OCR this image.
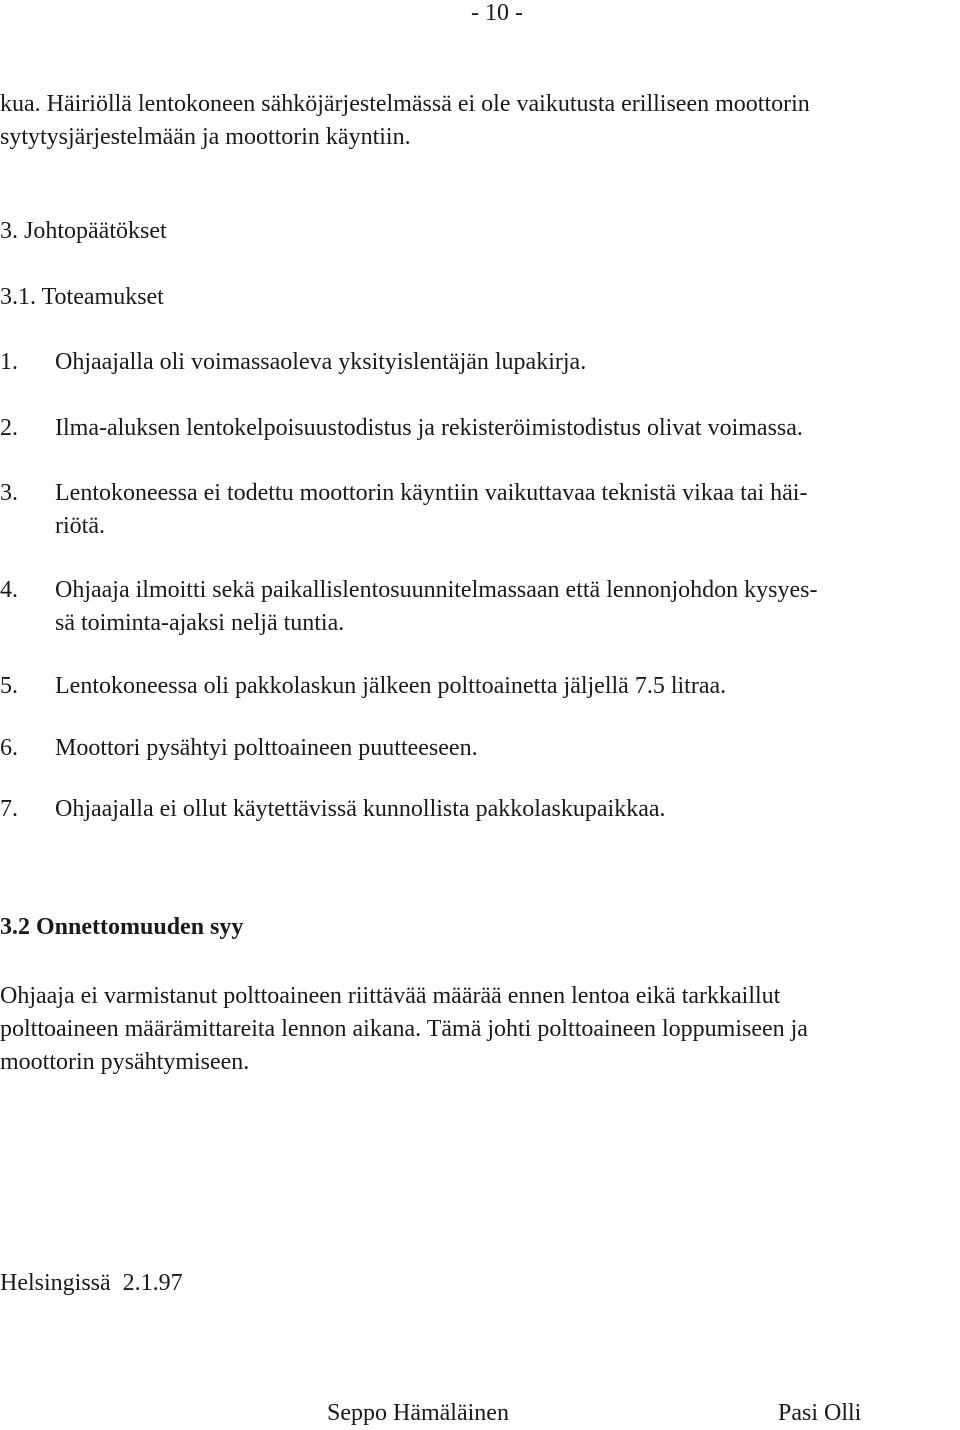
- 10 -
kua. Häiriöllä lentokoneen sähköjärjestelmässä ei ole vaikutusta erilliseen moottorin
sytytysjärjestelmään ja moottorin käyntiin.
3. Johtopäätökset
3.1. Toteamukset
1. Ohjaajalla oli voimassaoleva yksityislentäjän lupakirja.
2. Ilma-aluksen lentokelpoisuustodistus ja rekisteröimistodistus olivat voimassa.
3. Lentokoneessa ei todettu moottorin käyntiin vaikuttavaa teknistä vikaa tai häi-
riötä.
4. Ohjaaja ilmoitti sekä paikallislentosuunnitelmassaan että lennonjohdon kysyes-
sä toiminta-ajaksi neljä tuntia.
5. Lentokoneessa oli pakkolaskun jälkeen polttoainetta jäljellä 7.5 litraa.
6. Moottori pysähtyi polttoaineen puutteeseen.
7. Ohjaajalla ei ollut käytettävissä kunnollista pakkolaskupaikkaa.
3.2 Onnettomuuden syy
Ohjaaja ei varmistanut polttoaineen riittävää määrää ennen lentoa eikä tarkkaillut
polttoaineen määrämittareita lennon aikana. Tämä johti polttoaineen loppumiseen ja
moottorin pysähtymiseen.
Helsingissä  2.1.97
Seppo Hämäläinen	Pasi Olli
